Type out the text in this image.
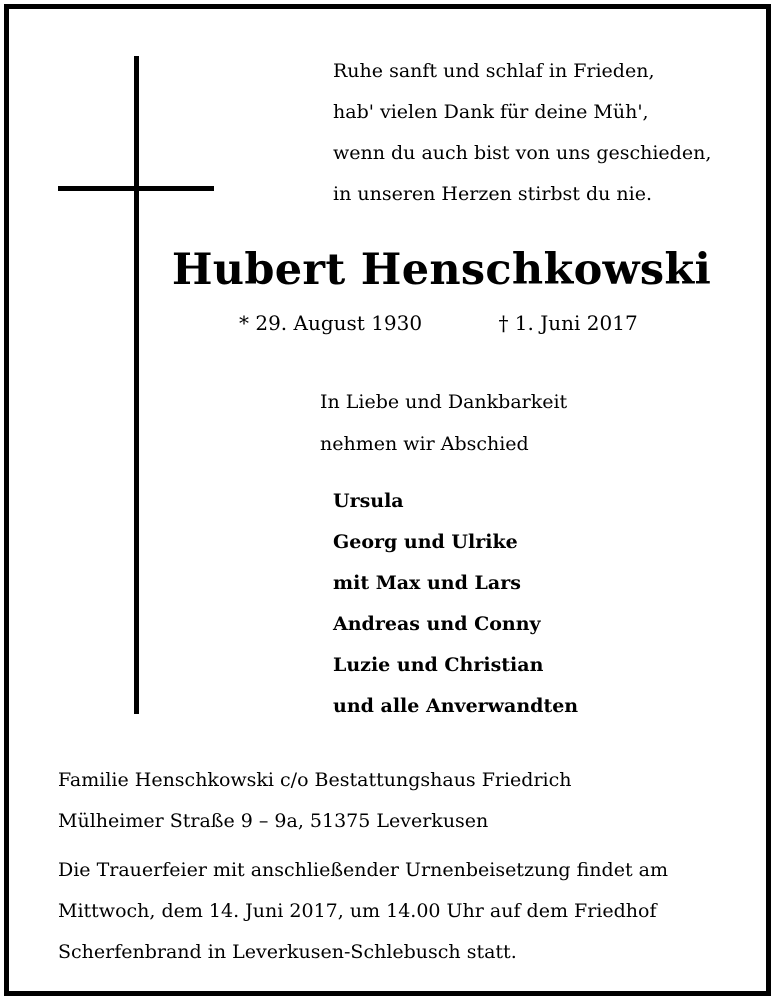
Ruhe sanft und schlaf in Frieden,
hab' vielen Dank für deine Müh',
wenn du auch bist von uns geschieden,
in unseren Herzen stirbst du nie.
Hubert Henschkowski
* 29. August 1930	† 1. Juni 2017
In Liebe und Dankbarkeit
nehmen wir Abschied
Ursula
Georg und Ulrike
mit Max und Lars
Andreas und Conny
Luzie und Christian
und alle Anverwandten
Familie Henschkowski c/o Bestattungshaus Friedrich
Mülheimer Straße 9 – 9a, 51375 Leverkusen
Die Trauerfeier mit anschließender Urnenbeisetzung findet am
Mittwoch, dem 14. Juni 2017, um 14.00 Uhr auf dem Friedhof
Scherfenbrand in Leverkusen-Schlebusch statt.
